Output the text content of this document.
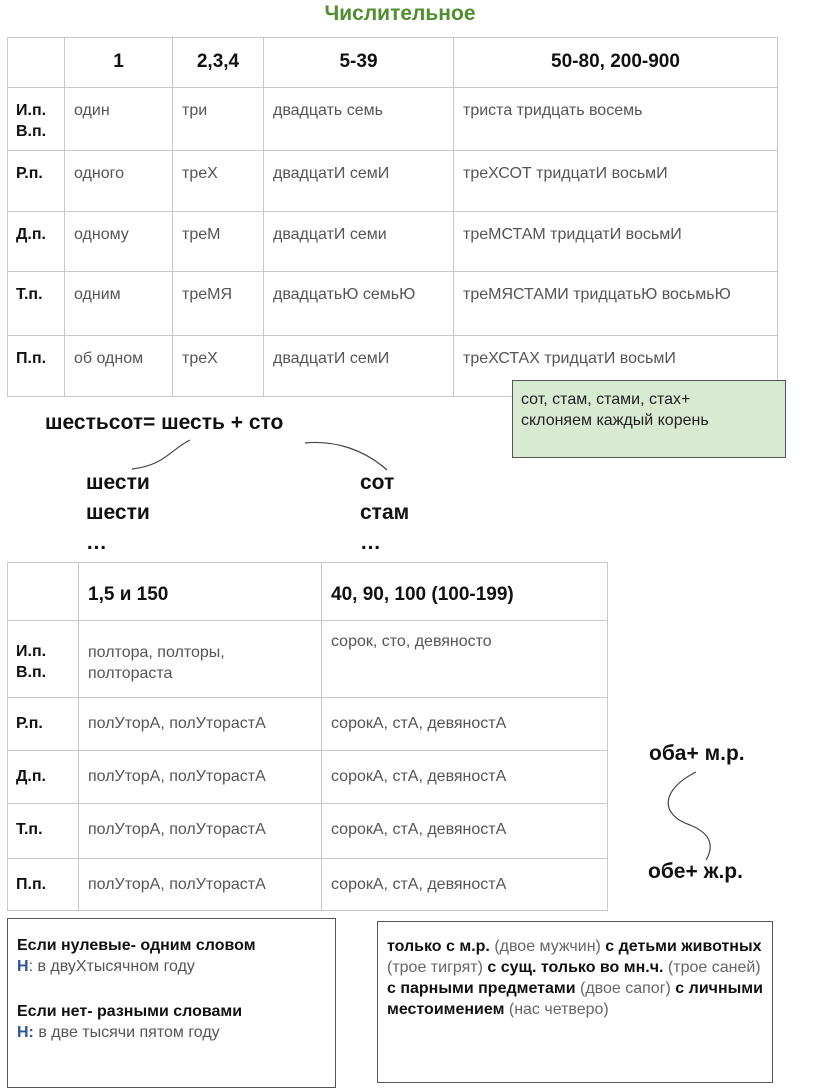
Числительное
	1	2,3,4	5-39	50-80, 200-900
И.п.
В.п.	один	три	двадцать семь	триста тридцать восемь
Р.п.	одного	треХ	двадцатИ семИ	треХСОТ тридцатИ восьмИ
Д.п.	одному	треМ	двадцатИ семи	треМСТАМ тридцатИ восьмИ
Т.п.	одним	треМЯ	двадцатьЮ семьЮ	треМЯСТАМИ тридцатьЮ восьмьЮ
П.п.	об одном	треХ	двадцатИ семИ	треХСТАХ тридцатИ восьмИ
сот, стам, стами, стах+
склоняем каждый корень
шестьсот= шесть + сто
шести
шести
…
сот
стам
…
	1,5 и 150	40, 90, 100 (100-199)
И.п.
В.п.	полтора, полторы,
полтораста	сорок, сто, девяносто
Р.п.	полУторА, полУторастА	сорокА, стА, девяностА
Д.п.	полУторА, полУторастА	сорокА, стА, девяностА
Т.п.	полУторА, полУторастА	сорокА, стА, девяностА
П.п.	полУторА, полУторастА	сорокА, стА, девяностА
оба+ м.р.
обе+ ж.р.
Если нулевые- одним словом
Н: в двуХтысячном году
Если нет- разными словами
Н: в две тысячи пятом году
только с м.р. (двое мужчин) с детьми животных (трое тигрят) с сущ. только во мн.ч. (трое саней) с парными предметами (двое сапог) с личными местоимением (нас четверо)
